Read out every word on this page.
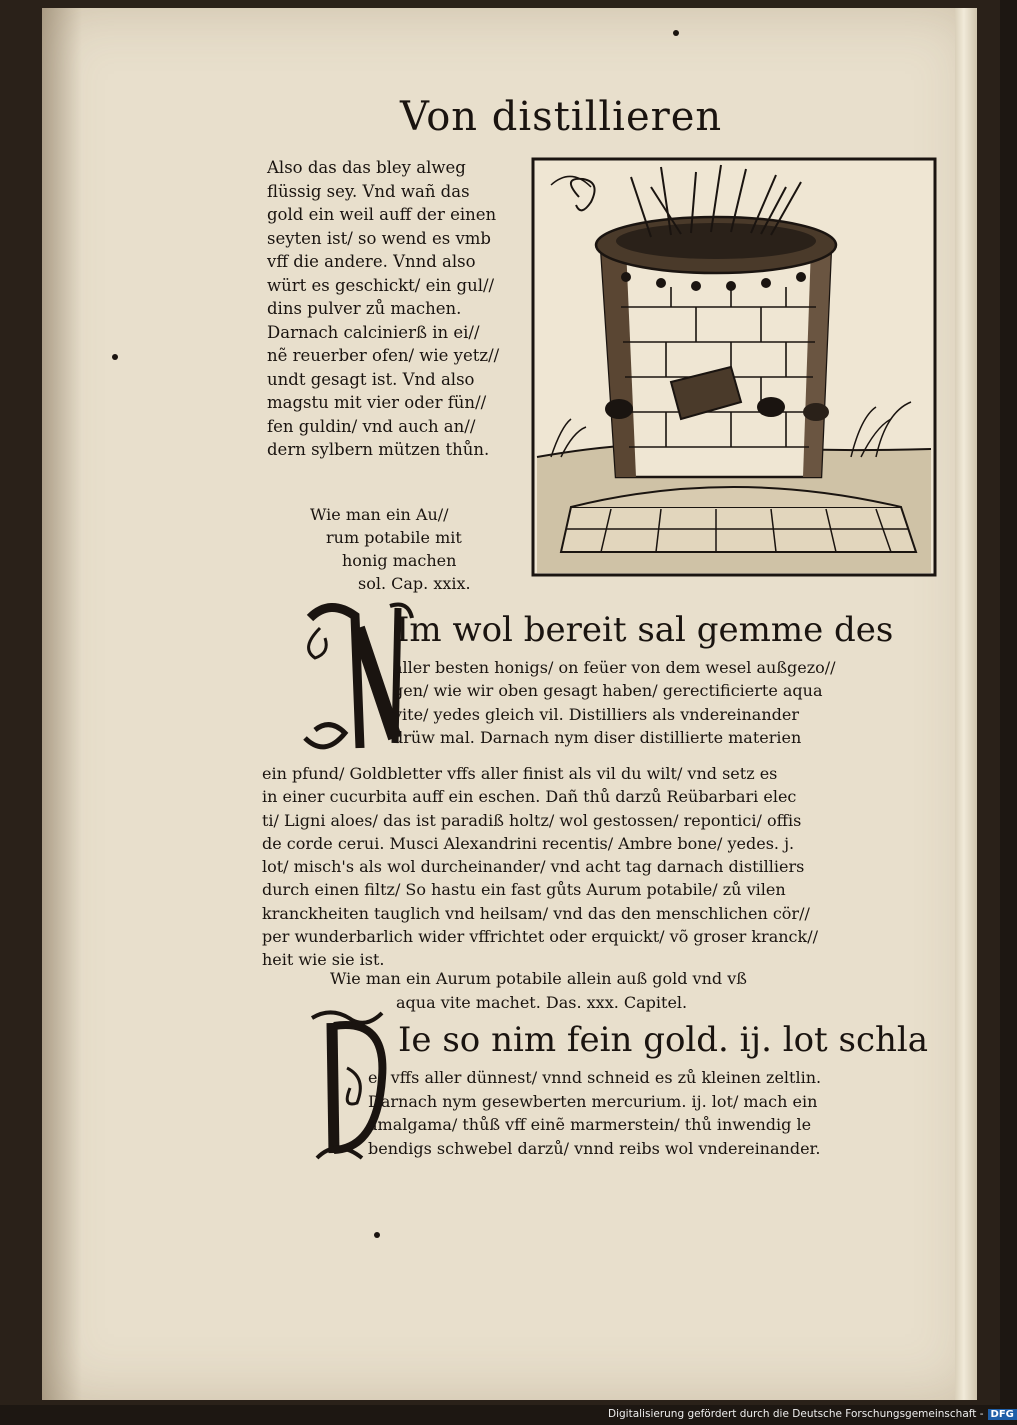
Von distillieren
Also das das bley alweg
flüssig sey. Vnd wañ das
gold ein weil auff der einen
seyten ist/ so wend es vmb
vff die andere. Vnnd also
würt es geschickt/ ein gul//
dins pulver zů machen.
Darnach calcinierß in ei//
nẽ reuerber ofen/ wie yetz//
undt gesagt ist. Vnd also
magstu mit vier oder fün//
fen guldin/ vnd auch an//
dern sylbern mützen thůn.
Wie man ein Au//
rum potabile mit
honig machen
sol. Cap. xxix.
N
Im wol bereit sal gemme des
aller besten honigs/ on feüer von dem wesel außgezo//
gen/ wie wir oben gesagt haben/ gerectificierte aqua
vite/ yedes gleich vil. Distilliers als vndereinander
drüw mal. Darnach nym diser distillierte materien
ein pfund/ Goldbletter vffs aller finist als vil du wilt/ vnd setz es
in einer cucurbita auff ein eschen. Dañ thů darzů Reübarbari elec
ti/ Ligni aloes/ das ist paradiß holtz/ wol gestossen/ repontici/ offis
de corde cerui. Musci Alexandrini recentis/ Ambre bone/ yedes. j.
lot/ misch's als wol durcheinander/ vnd acht tag darnach distilliers
durch einen filtz/ So hastu ein fast gůts Aurum potabile/ zů vilen
kranckheiten tauglich vnd heilsam/ vnd das den menschlichen cör//
per wunderbarlich wider vffrichtet oder erquickt/ võ groser kranck//
heit wie sie ist.
Wie man ein Aurum potabile allein auß gold vnd vß
aqua vite machet. Das. xxx. Capitel.
D
Ie so nim fein gold. ij. lot schla
es vffs aller dünnest/ vnnd schneid es zů kleinen zeltlin.
Darnach nym gesewberten mercurium. ij. lot/ mach ein
amalgama/ thůß vff einẽ marmerstein/ thů inwendig le
bendigs schwebel darzů/ vnnd reibs wol vndereinander.
Digitalisierung gefördert durch die Deutsche Forschungsgemeinschaft - DFG
